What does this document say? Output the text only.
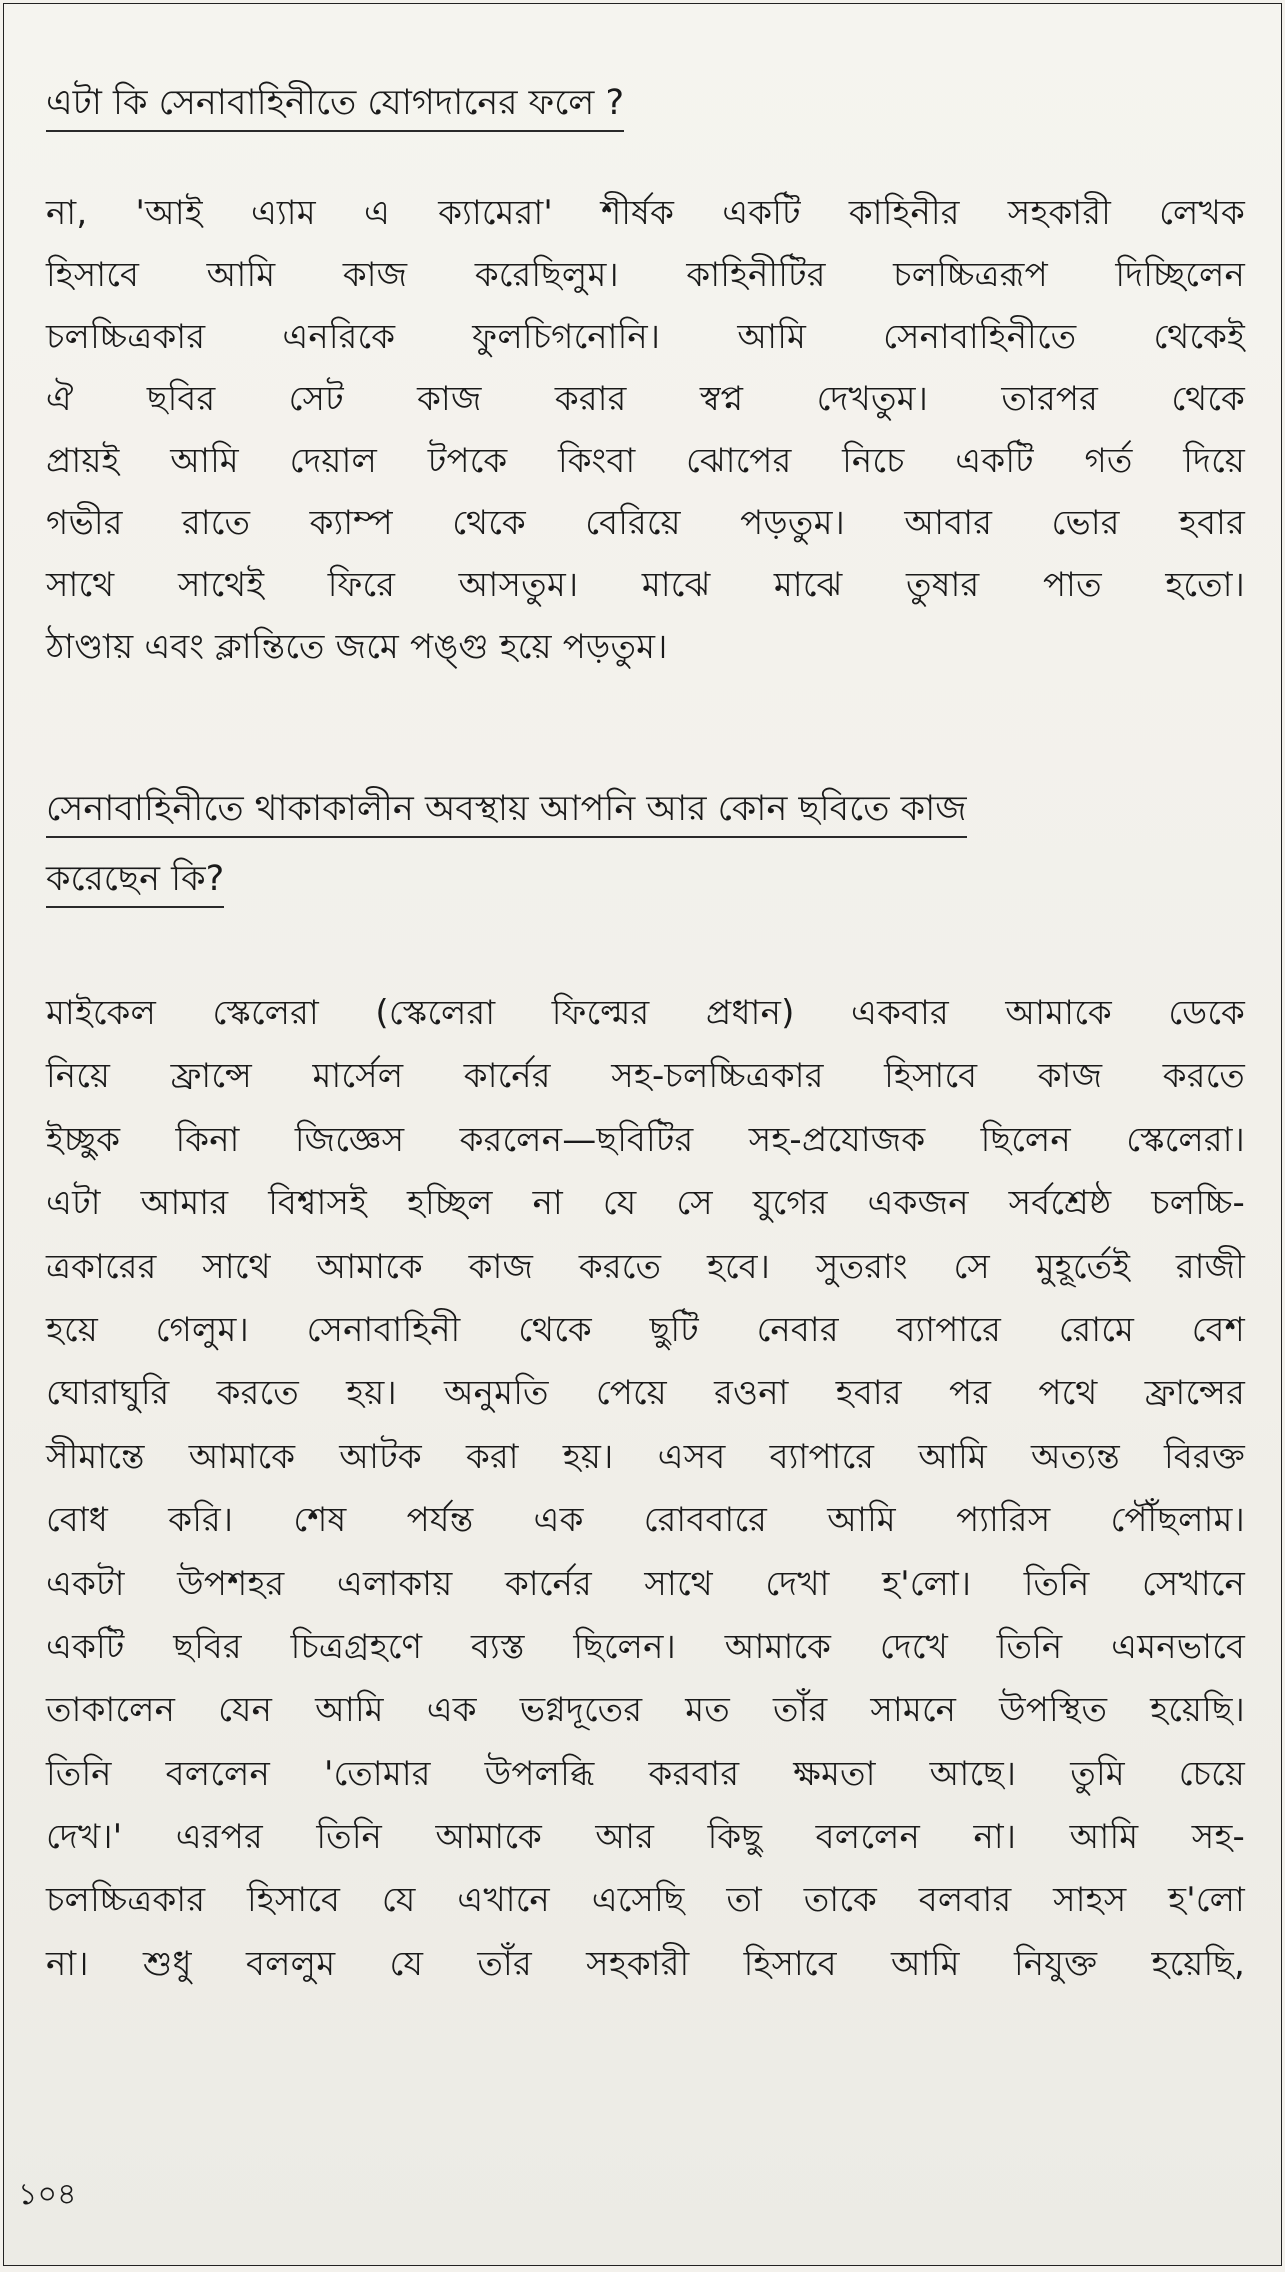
এটা কি সেনাবাহিনীতে যোগদানের ফলে ?
না, 'আই এ্যাম এ ক্যামেরা' শীর্ষক একটি কাহিনীর সহকারী লেখক
হিসাবে আমি কাজ করেছিলুম। কাহিনীটির চলচ্চিত্ররূপ দিচ্ছিলেন
চলচ্চিত্রকার এনরিকে ফুলচিগনোনি। আমি সেনাবাহিনীতে থেকেই
ঐ ছবির সেট কাজ করার স্বপ্ন দেখতুম। তারপর থেকে
প্রায়ই আমি দেয়াল টপকে কিংবা ঝোপের নিচে একটি গর্ত দিয়ে
গভীর রাতে ক্যাম্প থেকে বেরিয়ে পড়তুম। আবার ভোর হবার
সাথে সাথেই ফিরে আসতুম। মাঝে মাঝে তুষার পাত হতো।
ঠাণ্ডায় এবং ক্লান্তিতে জমে পঙ্গু হয়ে পড়তুম।
সেনাবাহিনীতে থাকাকালীন অবস্থায় আপনি আর কোন ছবিতে কাজ
করেছেন কি?
মাইকেল স্কেলেরা (স্কেলেরা ফিল্মের প্রধান) একবার আমাকে ডেকে
নিয়ে ফ্রান্সে মার্সেল কার্নের সহ-চলচ্চিত্রকার হিসাবে কাজ করতে
ইচ্ছুক কিনা জিজ্ঞেস করলেন—ছবিটির সহ-প্রযোজক ছিলেন স্কেলেরা।
এটা আমার বিশ্বাসই হচ্ছিল না যে সে যুগের একজন সর্বশ্রেষ্ঠ চলচ্চি-
ত্রকারের সাথে আমাকে কাজ করতে হবে। সুতরাং সে মুহূর্তেই রাজী
হয়ে গেলুম। সেনাবাহিনী থেকে ছুটি নেবার ব্যাপারে রোমে বেশ
ঘোরাঘুরি করতে হয়। অনুমতি পেয়ে রওনা হবার পর পথে ফ্রান্সের
সীমান্তে আমাকে আটক করা হয়। এসব ব্যাপারে আমি অত্যন্ত বিরক্ত
বোধ করি। শেষ পর্যন্ত এক রোববারে আমি প্যারিস পৌঁছলাম।
একটা উপশহর এলাকায় কার্নের সাথে দেখা হ'লো। তিনি সেখানে
একটি ছবির চিত্রগ্রহণে ব্যস্ত ছিলেন। আমাকে দেখে তিনি এমনভাবে
তাকালেন যেন আমি এক ভগ্নদূতের মত তাঁর সামনে উপস্থিত হয়েছি।
তিনি বললেন 'তোমার উপলব্ধি করবার ক্ষমতা আছে। তুমি চেয়ে
দেখ।' এরপর তিনি আমাকে আর কিছু বললেন না। আমি সহ-
চলচ্চিত্রকার হিসাবে যে এখানে এসেছি তা তাকে বলবার সাহস হ'লো
না। শুধু বললুম যে তাঁর সহকারী হিসাবে আমি নিযুক্ত হয়েছি,
১০৪
